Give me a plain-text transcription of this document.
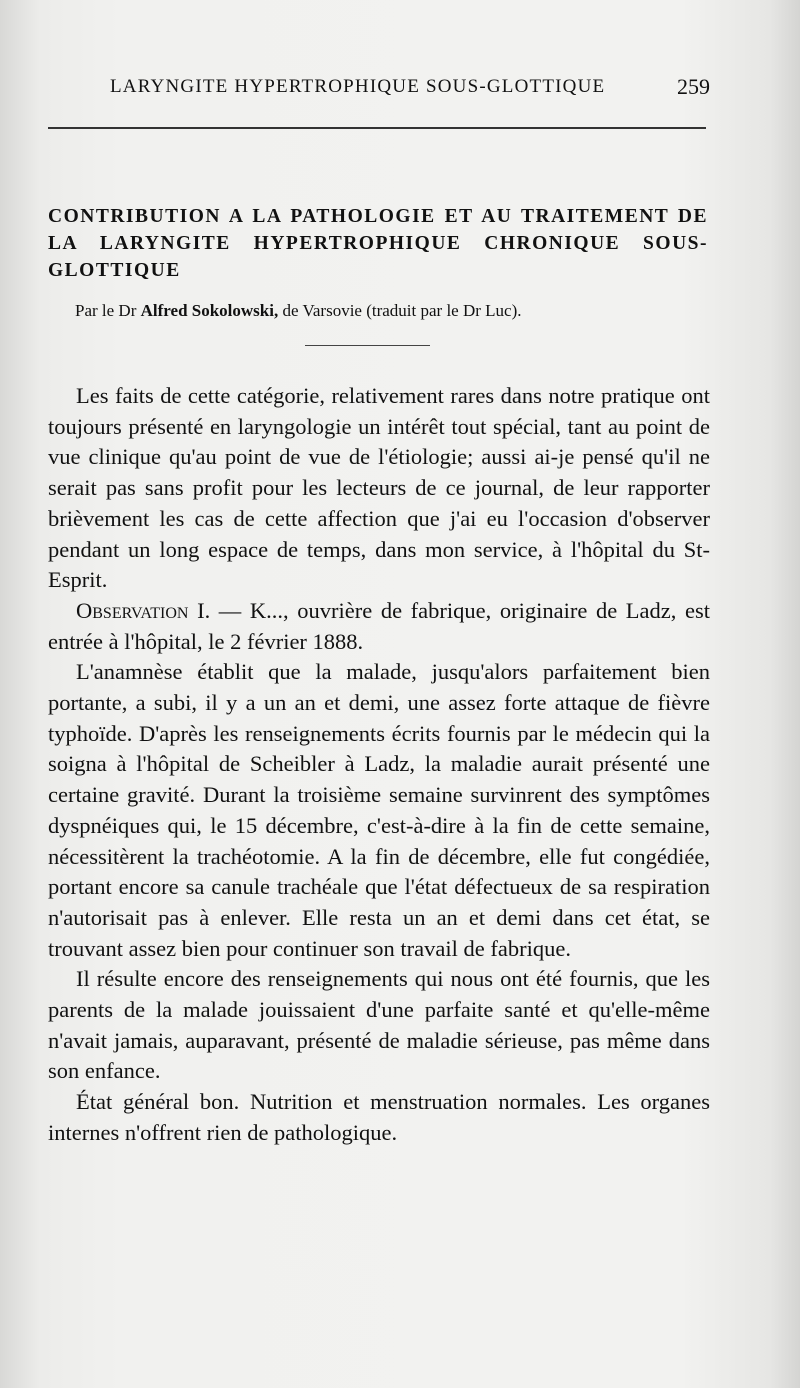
LARYNGITE HYPERTROPHIQUE SOUS-GLOTTIQUE	259
CONTRIBUTION A LA PATHOLOGIE ET AU TRAITEMENT DE LA LARYNGITE HYPERTROPHIQUE CHRONIQUE SOUS-GLOTTIQUE
Par le Dr Alfred Sokolowski, de Varsovie (traduit par le Dr Luc).

Les faits de cette catégorie, relativement rares dans notre pratique ont toujours présenté en laryngologie un intérêt tout spécial, tant au point de vue clinique qu'au point de vue de l'étiologie; aussi ai-je pensé qu'il ne serait pas sans profit pour les lecteurs de ce journal, de leur rapporter brièvement les cas de cette affection que j'ai eu l'occasion d'observer pendant un long espace de temps, dans mon service, à l'hôpital du St-Esprit.

Observation I. — K..., ouvrière de fabrique, originaire de Ladz, est entrée à l'hôpital, le 2 février 1888.

L'anamnèse établit que la malade, jusqu'alors parfaitement bien portante, a subi, il y a un an et demi, une assez forte attaque de fièvre typhoïde. D'après les renseignements écrits fournis par le médecin qui la soigna à l'hôpital de Scheibler à Ladz, la maladie aurait présenté une certaine gravité. Durant la troisième semaine survinrent des symptômes dyspnéiques qui, le 15 décembre, c'est-à-dire à la fin de cette semaine, nécessitèrent la trachéotomie. A la fin de décembre, elle fut congédiée, portant encore sa canule trachéale que l'état défectueux de sa respiration n'autorisait pas à enlever. Elle resta un an et demi dans cet état, se trouvant assez bien pour continuer son travail de fabrique.

Il résulte encore des renseignements qui nous ont été fournis, que les parents de la malade jouissaient d'une parfaite santé et qu'elle-même n'avait jamais, auparavant, présenté de maladie sérieuse, pas même dans son enfance.

État général bon. Nutrition et menstruation normales. Les organes internes n'offrent rien de pathologique.
